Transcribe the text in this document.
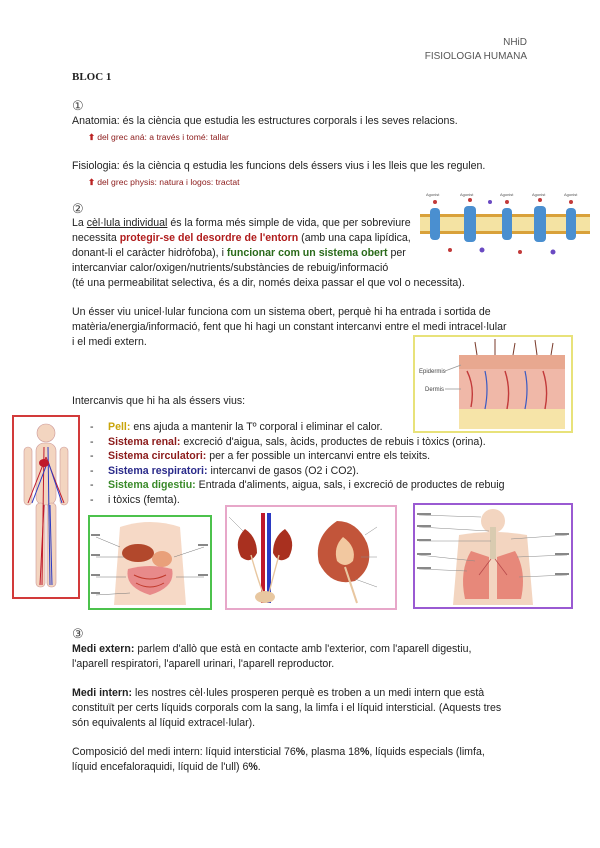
NHiD
FISIOLOGIA HUMANA
BLOC 1
①
Anatomia: és la ciència que estudia les estructures corporals i les seves relacions.
⬆ del grec aná: a través i tomé: tallar
Fisiologia: és la ciència q estudia les funcions dels éssers vius i les lleis que les regulen.
⬆ del grec physis: natura i logos: tractat
②
La cèl·lula individual és la forma més simple de vida, que per sobreviure
necessita protegir-se del desordre de l'entorn (amb una capa lipídica,
donant-li el caràcter hidròfoba), i funcionar com un sistema obert per
intercanviar calor/oxigen/nutrients/substàncies de rebuig/informació
(té una permeabilitat selectiva, és a dir, només deixa passar el que vol o necessita).
Agonist	Agonist	Agonist	Agonist	Agonist
Un ésser viu unicel·lular funciona com un sistema obert, perquè hi ha entrada i sortida de
matèria/energia/informació, fent que hi hagi un constant intercanvi entre el medi intracel·lular
i el medi extern.
Epidermis
Dermis
Intercanvis que hi ha als éssers vius:
- Pell: ens ajuda a mantenir la Tº corporal i eliminar el calor.
- Sistema renal: excreció d'aigua, sals, àcids, productes de rebuis i tòxics (orina).
- Sistema circulatori: per a fer possible un intercanvi entre els teixits.
- Sistema respiratori: intercanvi de gasos (O2 i CO2).
- Sistema digestiu: Entrada d'aliments, aigua, sals, i excreció de productes de rebuig
- i tòxics (femta).
③
Medi extern: parlem d'allò que està en contacte amb l'exterior, com l'aparell digestiu,
l'aparell respiratori, l'aparell urinari, l'aparell reproductor.
Medi intern: les nostres cèl·lules prosperen perquè es troben a un medi intern que està
constituït per certs líquids corporals com la sang, la limfa i el líquid intersticial. (Aquests tres
són equivalents al líquid extracel·lular).
Composició del medi intern: líquid intersticial 76%, plasma 18%, líquids especials (limfa,
líquid encefaloraquidi, líquid de l'ull) 6%.
